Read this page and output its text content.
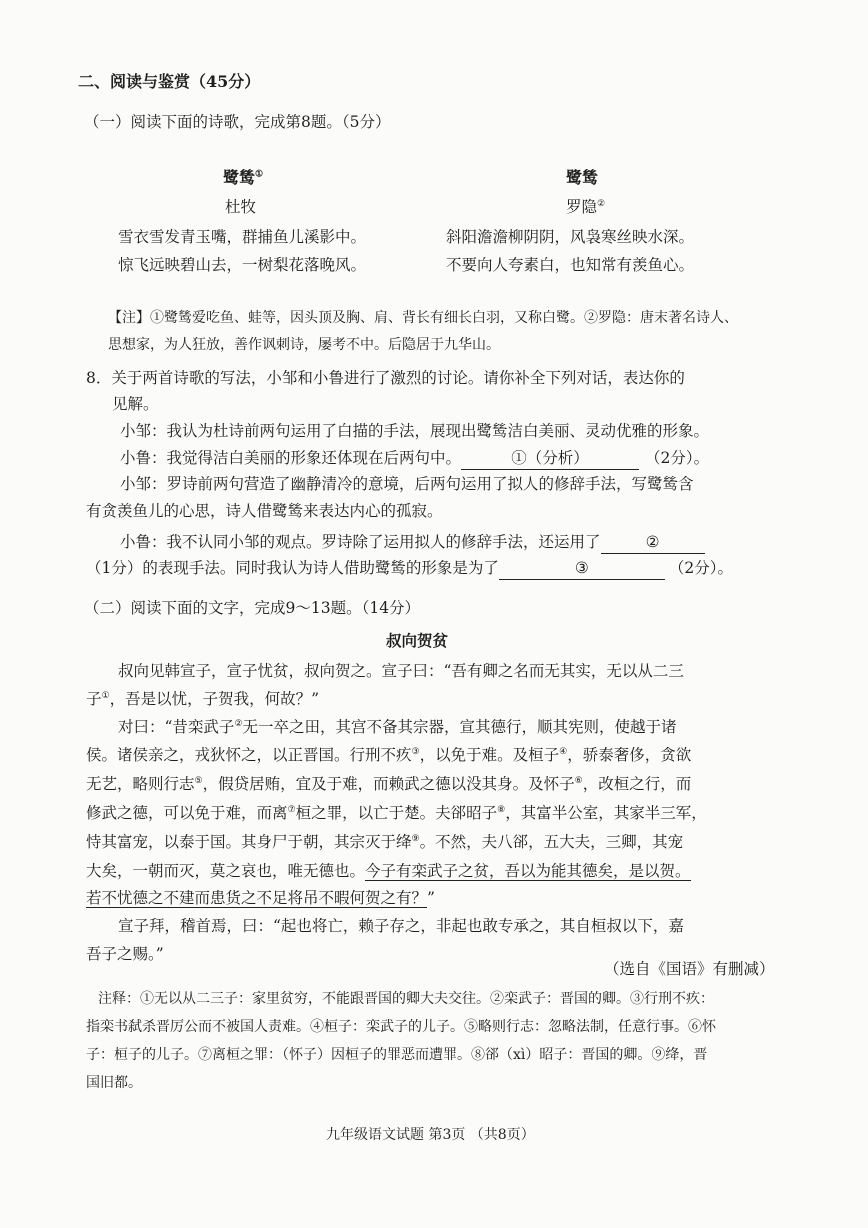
二、阅读与鉴赏（45分）
（一）阅读下面的诗歌，完成第8题。（5分）
鹭鸶①
杜牧
雪衣雪发青玉嘴，群捕鱼儿溪影中。
惊飞远映碧山去，一树梨花落晚风。
鹭鸶
罗隐②
斜阳澹澹柳阴阴，风袅寒丝映水深。
不要向人夸素白，也知常有羡鱼心。
【注】①鹭鸶爱吃鱼、蛙等，因头顶及胸、肩、背长有细长白羽，又称白鹭。②罗隐：唐末著名诗人、
思想家，为人狂放，善作讽刺诗，屡考不中。后隐居于九华山。
8．关于两首诗歌的写法，小邹和小鲁进行了激烈的讨论。请你补全下列对话，表达你的
见解。
小邹：我认为杜诗前两句运用了白描的手法，展现出鹭鸶洁白美丽、灵动优雅的形象。
小鲁：我觉得洁白美丽的形象还体现在后两句中。	①（分析）	（2分）。
小邹：罗诗前两句营造了幽静清冷的意境，后两句运用了拟人的修辞手法，写鹭鸶含
有贪羡鱼儿的心思，诗人借鹭鸶来表达内心的孤寂。
小鲁：我不认同小邹的观点。罗诗除了运用拟人的修辞手法，还运用了	②
（1分）的表现手法。同时我认为诗人借助鹭鸶的形象是为了	③	（2分）。
（二）阅读下面的文字，完成9～13题。（14分）
叔向贺贫
叔向见韩宣子，宣子忧贫，叔向贺之。宣子曰：“吾有卿之名而无其实，无以从二三
子①，吾是以忧，子贺我，何故？”
对曰：“昔栾武子②无一卒之田，其宫不备其宗器，宣其德行，顺其宪则，使越于诸
侯。诸侯亲之，戎狄怀之，以正晋国。行刑不疚③，以免于难。及桓子④，骄泰奢侈，贪欲
无艺，略则行志⑤，假贷居贿，宜及于难，而赖武之德以没其身。及怀子⑥，改桓之行，而
修武之德，可以免于难，而离⑦桓之罪，以亡于楚。夫郤昭子⑧，其富半公室，其家半三军，
恃其富宠，以泰于国。其身尸于朝，其宗灭于绛⑨。不然，夫八郤，五大夫，三卿，其宠
大矣，一朝而灭，莫之哀也，唯无德也。今子有栾武子之贫，吾以为能其德矣，是以贺。
若不忧德之不建而患货之不足将吊不暇何贺之有？”
宣子拜，稽首焉，曰：“起也将亡，赖子存之，非起也敢专承之，其自桓叔以下，嘉
吾子之赐。”
（选自《国语》有删减）
注释：①无以从二三子：家里贫穷，不能跟晋国的卿大夫交往。②栾武子：晋国的卿。③行刑不疚：
指栾书弑杀晋厉公而不被国人责难。④桓子：栾武子的儿子。⑤略则行志：忽略法制，任意行事。⑥怀
子：桓子的儿子。⑦离桓之罪：（怀子）因桓子的罪恶而遭罪。⑧郤（xì）昭子：晋国的卿。⑨绛，晋
国旧都。
九年级语文试题 第3页 （共8页）
